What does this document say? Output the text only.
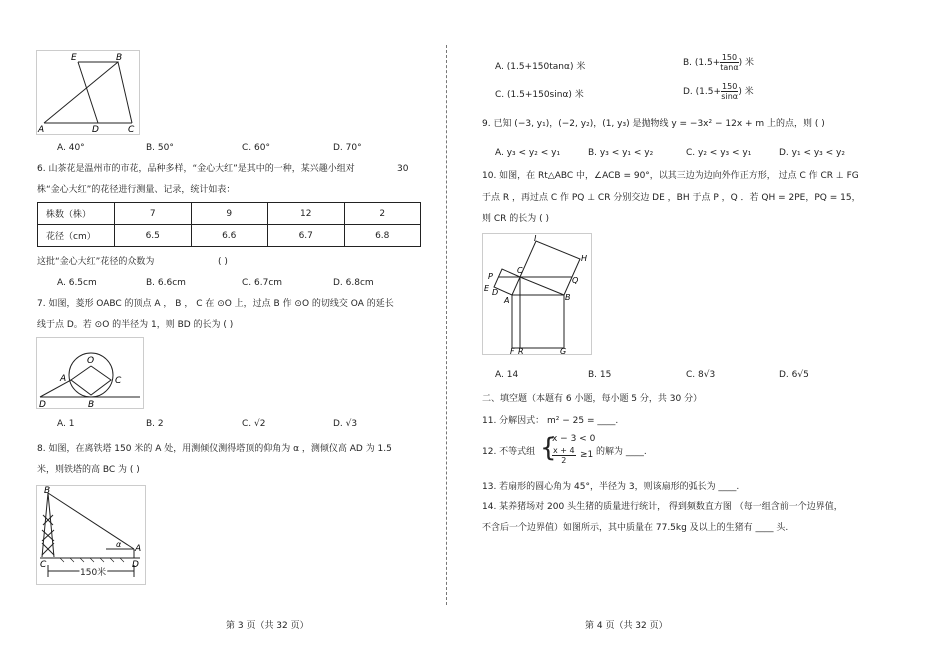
E	B
A	D	C
A. 40°	B. 50°	C. 60°	D. 70°
6. 山茶花是温州市的市花，品种多样，“金心大红”是其中的一种，某兴趣小组对	30
株“金心大红”的花径进行测量、记录，统计如表：
株数（株）	7	9	12	2
花径（cm）	6.5	6.6	6.7	6.8
这批“金心大红”花径的众数为	( )
A. 6.5cm	B. 6.6cm	C. 6.7cm	D. 6.8cm
7. 如图，菱形 OABC 的顶点 A ， B ， C 在 ⊙O 上，过点 B 作 ⊙O 的切线交 OA 的延长
线于点 D。若 ⊙O 的半径为 1，则 BD 的长为 ( )
O
A	C
D	B
A. 1	B. 2	C. √2	D. √3
8. 如图，在离铁塔 150 米的 A 处，用测倾仪测得塔顶的仰角为 α ，测倾仪高 AD 为 1.5
米，则铁塔的高 BC 为 ( )
B
α A
C	D
150米
第 3 页（共 32 页）
A. (1.5+150tanα) 米	B. ($1.5+ \frac{150}{\tan\alpha}$ ) 米
C. (1.5+150sinα) 米	D. ($1.5+ \frac{150}{\sin\alpha}$ ) 米
9. 已知 (−3, y₁)，(−2, y₂)，(1, y₃) 是抛物线 y = −3x² − 12x + m 上的点，则 ( )
A. y₃ < y₂ < y₁	B. y₃ < y₁ < y₂	C. y₂ < y₃ < y₁	D. y₁ < y₃ < y₂
10. 如图，在 Rt△ABC 中，∠ACB = 90°，以其三边为边向外作正方形， 过点 C 作 CR ⊥ FG
于点 R ，再过点 C 作 PQ ⊥ CR 分别交边 DE ，BH 于点 P ，Q ．若 QH = 2PE，PQ = 15，
则 CR 的长为 ( )
I
H
P
C
Q
E
A	B
D
F R	G
A. 14	B. 15	C. 8√3	D. 6√5
二、填空题（本题有 6 小题，每小题 5 分，共 30 分）
11. 分解因式： m² − 25 = ____.
12. 不等式组 {
x − 3 < 0
$\frac{x + 4}{2} \ge 1$ 的解为 ____.
13. 若扇形的圆心角为 45°，半径为 3，则该扇形的弧长为 ____.
14. 某养猪场对 200 头生猪的质量进行统计， 得到频数直方图 （每一组含前一个边界值，
不含后一个边界值）如图所示，其中质量在 77.5kg 及以上的生猪有 ____ 头.
第 4 页（共 32 页）
